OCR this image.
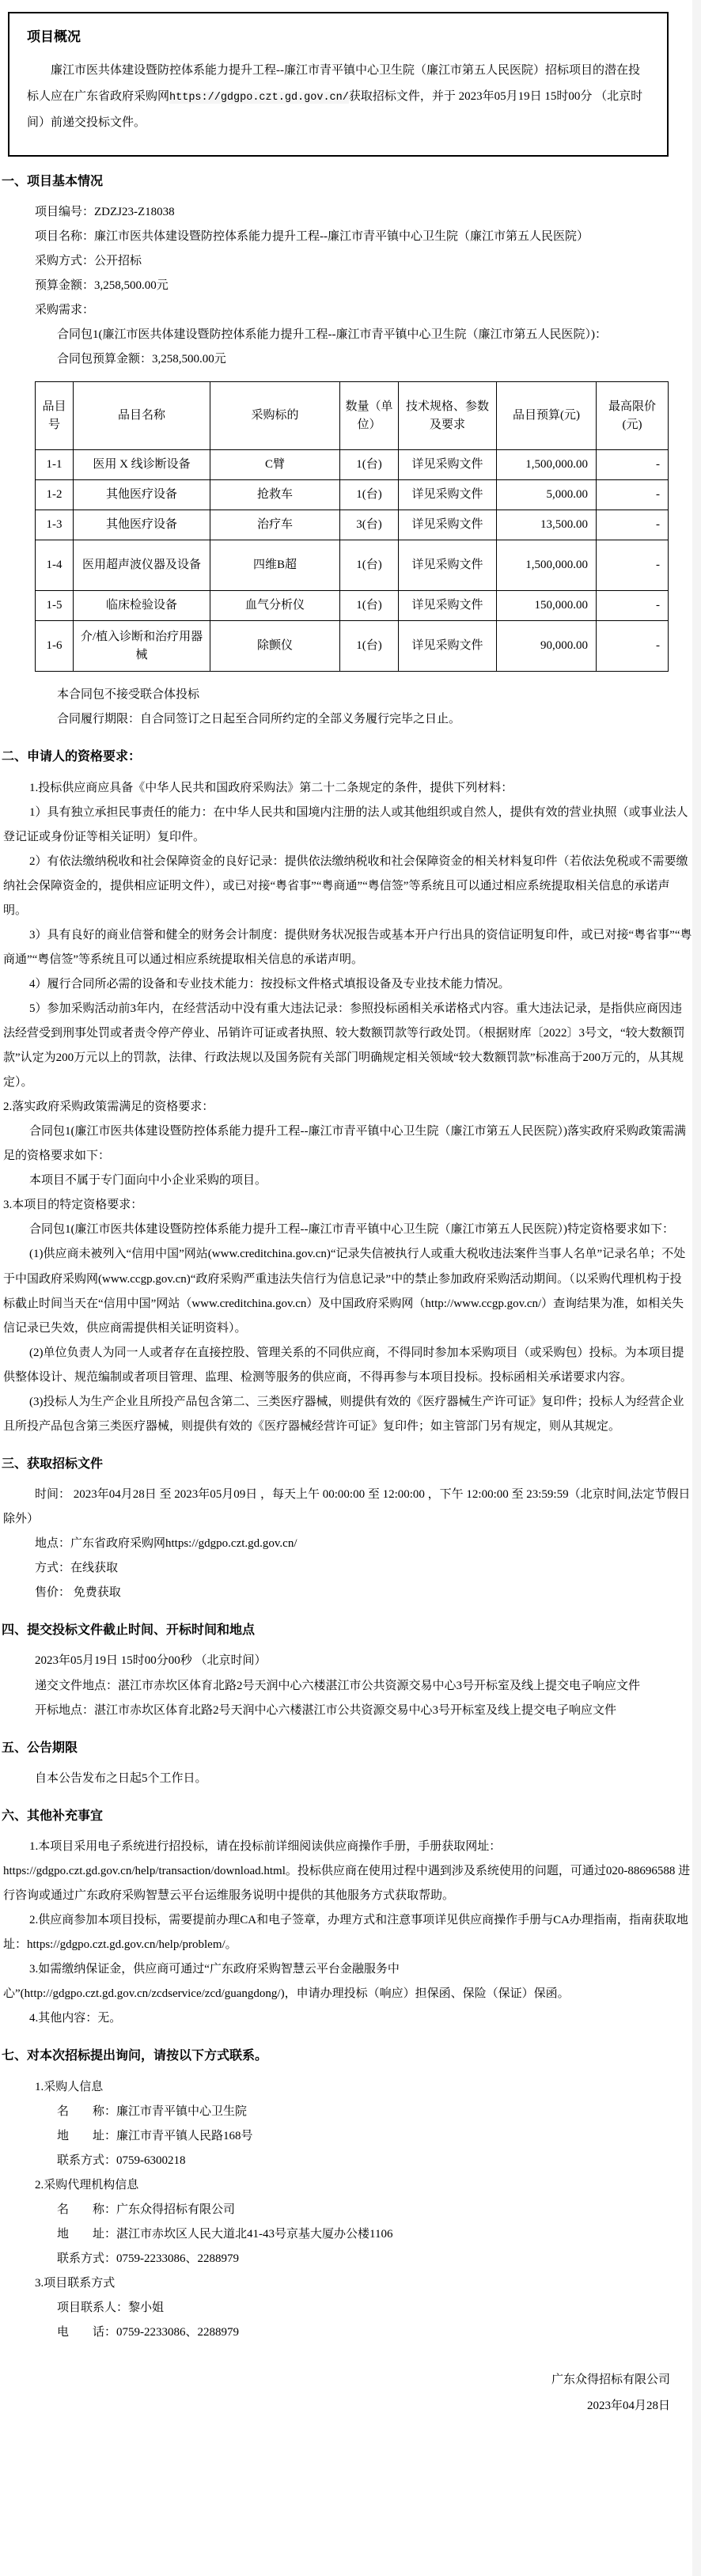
项目概况

廉江市医共体建设暨防控体系能力提升工程--廉江市青平镇中心卫生院（廉江市第五人民医院）招标项目的潜在投标人应在广东省政府采购网https://gdgpo.czt.gd.gov.cn/获取招标文件，并于 2023年05月19日 15时00分 （北京时间）前递交投标文件。

一、项目基本情况

项目编号：ZDZJ23-Z18038

项目名称：廉江市医共体建设暨防控体系能力提升工程--廉江市青平镇中心卫生院（廉江市第五人民医院）

采购方式：公开招标

预算金额：3,258,500.00元

采购需求：

合同包1(廉江市医共体建设暨防控体系能力提升工程--廉江市青平镇中心卫生院（廉江市第五人民医院）)：

合同包预算金额：3,258,500.00元

品目号	品目名称	采购标的	数量（单位）	技术规格、参数及要求	品目预算(元)	最高限价(元)
1-1	医用 X 线诊断设备	C臂	1(台)	详见采购文件	1,500,000.00	-
1-2	其他医疗设备	抢救车	1(台)	详见采购文件	5,000.00	-
1-3	其他医疗设备	治疗车	3(台)	详见采购文件	13,500.00	-
1-4	医用超声波仪器及设备	四维B超	1(台)	详见采购文件	1,500,000.00	-
1-5	临床检验设备	血气分析仪	1(台)	详见采购文件	150,000.00	-
1-6	介/植入诊断和治疗用器械	除颤仪	1(台)	详见采购文件	90,000.00	-

本合同包不接受联合体投标

合同履行期限：自合同签订之日起至合同所约定的全部义务履行完毕之日止。

二、申请人的资格要求：

1.投标供应商应具备《中华人民共和国政府采购法》第二十二条规定的条件，提供下列材料：

1）具有独立承担民事责任的能力：在中华人民共和国境内注册的法人或其他组织或自然人，提供有效的营业执照（或事业法人登记证或身份证等相关证明）复印件。

2）有依法缴纳税收和社会保障资金的良好记录：提供依法缴纳税收和社会保障资金的相关材料复印件（若依法免税或不需要缴纳社会保障资金的，提供相应证明文件），或已对接“粤省事”“粤商通”“粤信签”等系统且可以通过相应系统提取相关信息的承诺声明。

3）具有良好的商业信誉和健全的财务会计制度：提供财务状况报告或基本开户行出具的资信证明复印件，或已对接“粤省事”“粤商通”“粤信签”等系统且可以通过相应系统提取相关信息的承诺声明。

4）履行合同所必需的设备和专业技术能力：按投标文件格式填报设备及专业技术能力情况。

5）参加采购活动前3年内，在经营活动中没有重大违法记录：参照投标函相关承诺格式内容。重大违法记录，是指供应商因违法经营受到刑事处罚或者责令停产停业、吊销许可证或者执照、较大数额罚款等行政处罚。（根据财库〔2022〕3号文，“较大数额罚款”认定为200万元以上的罚款，法律、行政法规以及国务院有关部门明确规定相关领域“较大数额罚款”标准高于200万元的，从其规定）。

2.落实政府采购政策需满足的资格要求：

合同包1(廉江市医共体建设暨防控体系能力提升工程--廉江市青平镇中心卫生院（廉江市第五人民医院）)落实政府采购政策需满足的资格要求如下：

本项目不属于专门面向中小企业采购的项目。

3.本项目的特定资格要求：

合同包1(廉江市医共体建设暨防控体系能力提升工程--廉江市青平镇中心卫生院（廉江市第五人民医院）)特定资格要求如下：

(1)供应商未被列入“信用中国”网站(www.creditchina.gov.cn)“记录失信被执行人或重大税收违法案件当事人名单”记录名单；不处于中国政府采购网(www.ccgp.gov.cn)“政府采购严重违法失信行为信息记录”中的禁止参加政府采购活动期间。（以采购代理机构于投标截止时间当天在“信用中国”网站（www.creditchina.gov.cn）及中国政府采购网（http://www.ccgp.gov.cn/）查询结果为准，如相关失信记录已失效，供应商需提供相关证明资料）。

(2)单位负责人为同一人或者存在直接控股、管理关系的不同供应商，不得同时参加本采购项目（或采购包）投标。为本项目提供整体设计、规范编制或者项目管理、监理、检测等服务的供应商，不得再参与本项目投标。投标函相关承诺要求内容。

(3)投标人为生产企业且所投产品包含第二、三类医疗器械，则提供有效的《医疗器械生产许可证》复印件；投标人为经营企业且所投产品包含第三类医疗器械，则提供有效的《医疗器械经营许可证》复印件；如主管部门另有规定，则从其规定。

三、获取招标文件

时间： 2023年04月28日 至 2023年05月09日 ，每天上午 00:00:00 至 12:00:00 ，下午 12:00:00 至 23:59:59（北京时间,法定节假日除外）

地点：广东省政府采购网https://gdgpo.czt.gd.gov.cn/

方式：在线获取

售价： 免费获取

四、提交投标文件截止时间、开标时间和地点

2023年05月19日 15时00分00秒 （北京时间）

递交文件地点：湛江市赤坎区体育北路2号天润中心六楼湛江市公共资源交易中心3号开标室及线上提交电子响应文件

开标地点：湛江市赤坎区体育北路2号天润中心六楼湛江市公共资源交易中心3号开标室及线上提交电子响应文件

五、公告期限

自本公告发布之日起5个工作日。

六、其他补充事宜

1.本项目采用电子系统进行招投标，请在投标前详细阅读供应商操作手册，手册获取网址：https://gdgpo.czt.gd.gov.cn/help/transaction/download.html。投标供应商在使用过程中遇到涉及系统使用的问题，可通过020-88696588 进行咨询或通过广东政府采购智慧云平台运维服务说明中提供的其他服务方式获取帮助。

2.供应商参加本项目投标，需要提前办理CA和电子签章，办理方式和注意事项详见供应商操作手册与CA办理指南，指南获取地址：https://gdgpo.czt.gd.gov.cn/help/problem/。

3.如需缴纳保证金，供应商可通过“广东政府采购智慧云平台金融服务中心”(http://gdgpo.czt.gd.gov.cn/zcdservice/zcd/guangdong/)，申请办理投标（响应）担保函、保险（保证）保函。

4.其他内容：无。

七、对本次招标提出询问，请按以下方式联系。

1.采购人信息

名　　称：廉江市青平镇中心卫生院

地　　址：廉江市青平镇人民路168号

联系方式：0759-6300218

2.采购代理机构信息

名　　称：广东众得招标有限公司

地　　址：湛江市赤坎区人民大道北41-43号京基大厦办公楼1106

联系方式：0759-2233086、2288979

3.项目联系方式

项目联系人：黎小姐

电　　话：0759-2233086、2288979

广东众得招标有限公司

2023年04月28日
